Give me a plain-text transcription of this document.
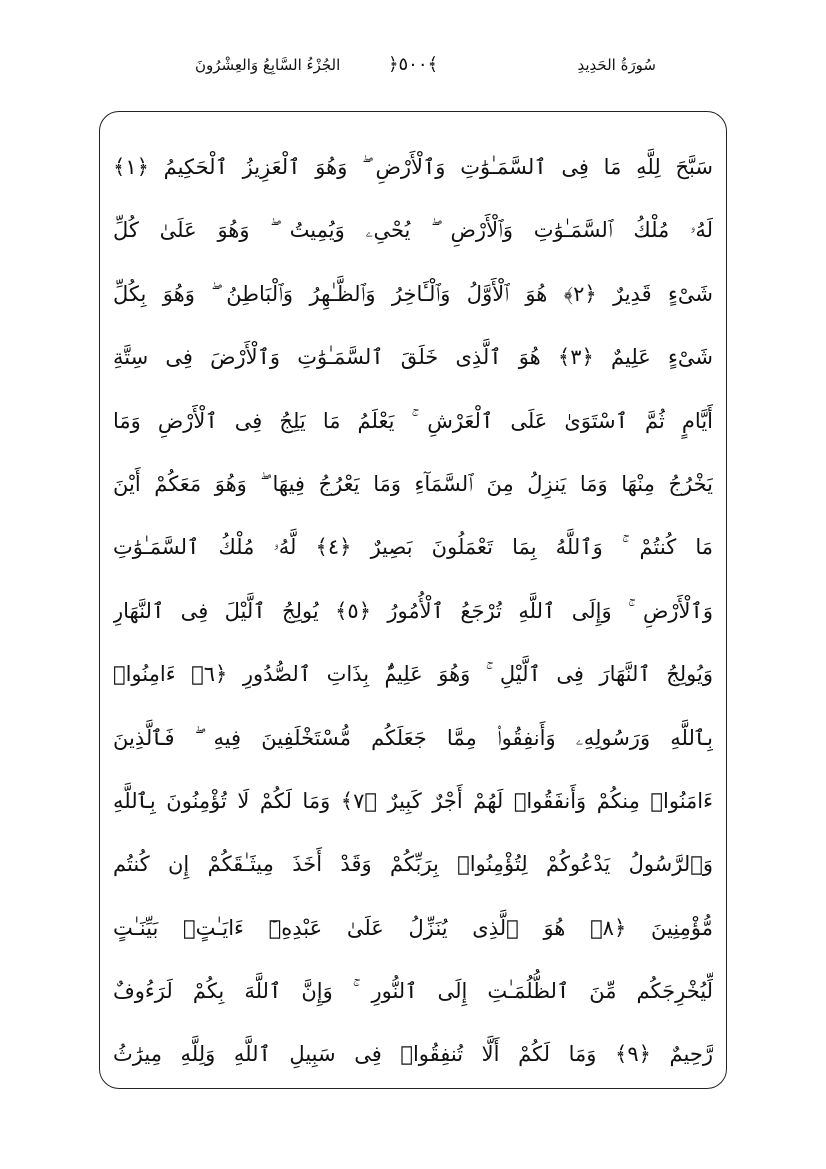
سُورَةُ الحَدِيدِ
﴿٥٠٠﴾
الجُزْءُ السَّابِعُ وَالعِشْرُونَ
سَبَّحَ لِلَّهِ مَا فِى ٱلسَّمَـٰوَٰتِ وَٱلْأَرْضِ ۖ وَهُوَ ٱلْعَزِيزُ ٱلْحَكِيمُ ﴿١﴾
لَهُۥ مُلْكُ ٱلسَّمَـٰوَٰتِ وَٱلْأَرْضِ ۖ يُحْىِۦ وَيُمِيتُ ۖ وَهُوَ عَلَىٰ كُلِّ
شَىْءٍ قَدِيرٌ ﴿٢﴾ هُوَ ٱلْأَوَّلُ وَٱلْـَٔاخِرُ وَٱلظَّـٰهِرُ وَٱلْبَاطِنُ ۖ وَهُوَ بِكُلِّ
شَىْءٍ عَلِيمٌ ﴿٣﴾ هُوَ ٱلَّذِى خَلَقَ ٱلسَّمَـٰوَٰتِ وَٱلْأَرْضَ فِى سِتَّةِ
أَيَّامٍ ثُمَّ ٱسْتَوَىٰ عَلَى ٱلْعَرْشِ ۚ يَعْلَمُ مَا يَلِجُ فِى ٱلْأَرْضِ وَمَا
يَخْرُجُ مِنْهَا وَمَا يَنزِلُ مِنَ ٱلسَّمَآءِ وَمَا يَعْرُجُ فِيهَا ۖ وَهُوَ مَعَكُمْ أَيْنَ
مَا كُنتُمْ ۚ وَٱللَّهُ بِمَا تَعْمَلُونَ بَصِيرٌ ﴿٤﴾ لَّهُۥ مُلْكُ ٱلسَّمَـٰوَٰتِ
وَٱلْأَرْضِ ۚ وَإِلَى ٱللَّهِ تُرْجَعُ ٱلْأُمُورُ ﴿٥﴾ يُولِجُ ٱلَّيْلَ فِى ٱلنَّهَارِ
وَيُولِجُ ٱلنَّهَارَ فِى ٱلَّيْلِ ۚ وَهُوَ عَلِيمٌۢ بِذَاتِ ٱلصُّدُورِ ﴿٦﴾ ءَامِنُوا۟
بِٱللَّهِ وَرَسُولِهِۦ وَأَنفِقُوا۟ مِمَّا جَعَلَكُم مُّسْتَخْلَفِينَ فِيهِ ۖ فَٱلَّذِينَ
ءَامَنُوا۟ مِنكُمْ وَأَنفَقُوا۟ لَهُمْ أَجْرٌ كَبِيرٌ ﴿٧﴾ وَمَا لَكُمْ لَا تُؤْمِنُونَ بِٱللَّهِ
وَٱلرَّسُولُ يَدْعُوكُمْ لِتُؤْمِنُوا۟ بِرَبِّكُمْ وَقَدْ أَخَذَ مِيثَـٰقَكُمْ إِن كُنتُم
مُّؤْمِنِينَ ﴿٨﴾ هُوَ ٱلَّذِى يُنَزِّلُ عَلَىٰ عَبْدِهِۦٓ ءَايَـٰتٍۭ بَيِّنَـٰتٍ
لِّيُخْرِجَكُم مِّنَ ٱلظُّلُمَـٰتِ إِلَى ٱلنُّورِ ۚ وَإِنَّ ٱللَّهَ بِكُمْ لَرَءُوفٌ
رَّحِيمٌ ﴿٩﴾ وَمَا لَكُمْ أَلَّا تُنفِقُوا۟ فِى سَبِيلِ ٱللَّهِ وَلِلَّهِ مِيرَٰثُ
